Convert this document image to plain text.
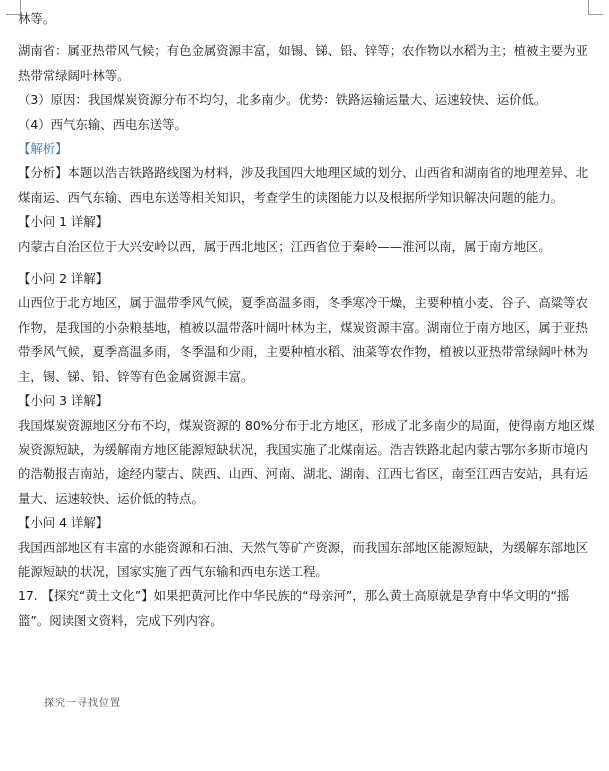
林等。
湖南省：属亚热带风气候；有色金属资源丰富，如锡、锑、铅、锌等；农作物以水稻为主；植被主要为亚
热带常绿阔叶林等。
（3）原因：我国煤炭资源分布不均匀，北多南少。优势：铁路运输运量大、运速较快、运价低。
（4）西气东输、西电东送等。
【解析】
【分析】本题以浩吉铁路路线图为材料，涉及我国四大地理区域的划分、山西省和湖南省的地理差异、北
煤南运、西气东输、西电东送等相关知识，考查学生的读图能力以及根据所学知识解决问题的能力。
【小问 1 详解】
内蒙古自治区位于大兴安岭以西，属于西北地区；江西省位于秦岭——淮河以南，属于南方地区。
【小问 2 详解】
山西位于北方地区，属于温带季风气候，夏季高温多雨，冬季寒冷干燥，主要种植小麦、谷子、高粱等农
作物，是我国的小杂粮基地，植被以温带落叶阔叶林为主，煤炭资源丰富。湖南位于南方地区，属于亚热
带季风气候，夏季高温多雨，冬季温和少雨，主要种植水稻、油菜等农作物，植被以亚热带常绿阔叶林为
主，锡、锑、铅、锌等有色金属资源丰富。
【小问 3 详解】
我国煤炭资源地区分布不均，煤炭资源的 80%分布于北方地区，形成了北多南少的局面，使得南方地区煤
炭资源短缺，为缓解南方地区能源短缺状况，我国实施了北煤南运。浩吉铁路北起内蒙古鄂尔多斯市境内
的浩勒报吉南站，途经内蒙古、陕西、山西、河南、湖北、湖南、江西七省区，南至江西吉安站，具有运
量大、运速较快、运价低的特点。
【小问 4 详解】
我国西部地区有丰富的水能资源和石油、天然气等矿产资源，而我国东部地区能源短缺，为缓解东部地区
能源短缺的状况，国家实施了西气东输和西电东送工程。
17. 【探究“黄土文化”】如果把黄河比作中华民族的“母亲河”，那么黄土高原就是孕育中华文明的“摇
篮”。阅读图文资料，完成下列内容。
探究一寻找位置
